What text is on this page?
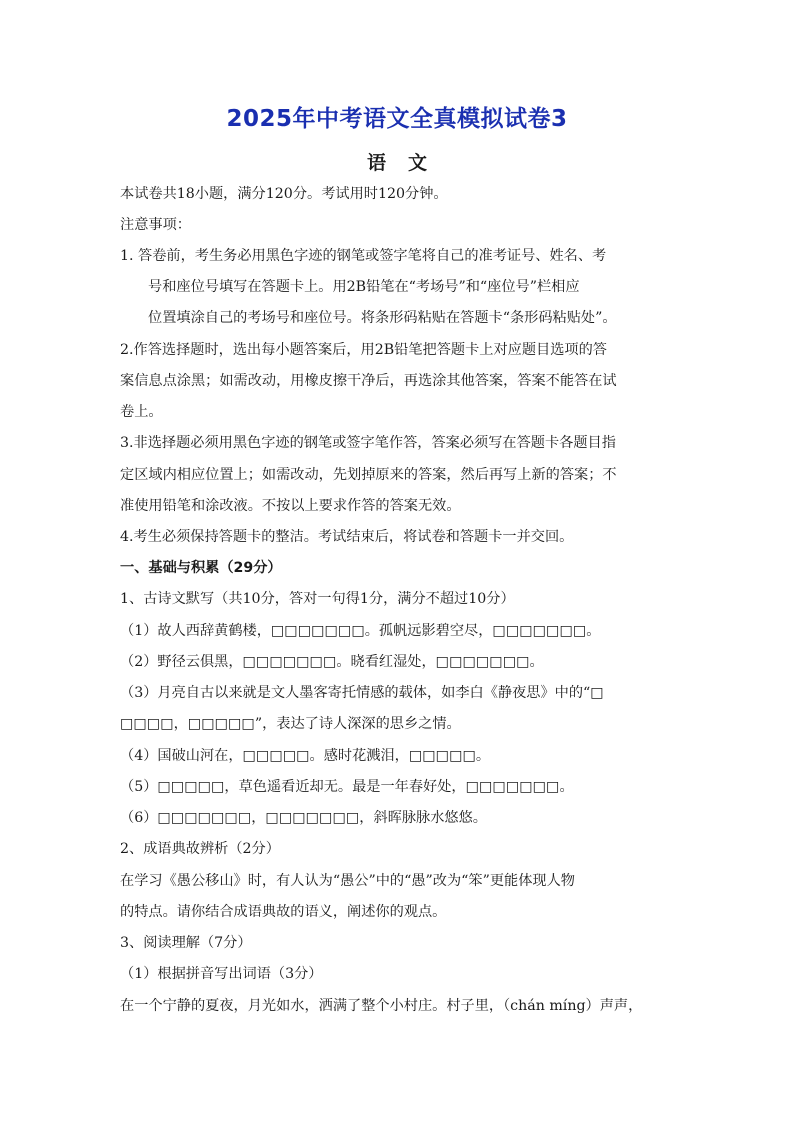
2025年中考语文全真模拟试卷3
语文
本试卷共18小题，满分120分。考试用时120分钟。
注意事项：
1. 答卷前，考生务必用黑色字迹的钢笔或签字笔将自己的准考证号、姓名、考
号和座位号填写在答题卡上。用2B铅笔在“考场号”和“座位号”栏相应
位置填涂自己的考场号和座位号。将条形码粘贴在答题卡“条形码粘贴处”。
2.作答选择题时，选出每小题答案后，用2B铅笔把答题卡上对应题目选项的答
案信息点涂黑；如需改动，用橡皮擦干净后，再选涂其他答案，答案不能答在试
卷上。
3.非选择题必须用黑色字迹的钢笔或签字笔作答，答案必须写在答题卡各题目指
定区域内相应位置上；如需改动，先划掉原来的答案，然后再写上新的答案；不
准使用铅笔和涂改液。不按以上要求作答的答案无效。
4.考生必须保持答题卡的整洁。考试结束后，将试卷和答题卡一并交回。
一、基础与积累（29分）
1、古诗文默写（共10分，答对一句得1分，满分不超过10分）
（1）故人西辞黄鹤楼，□□□□□□□。孤帆远影碧空尽，□□□□□□□。
（2）野径云俱黑，□□□□□□□。晓看红湿处，□□□□□□□。
（3）月亮自古以来就是文人墨客寄托情感的载体，如李白《静夜思》中的“□
□□□□，□□□□□”，表达了诗人深深的思乡之情。
（4）国破山河在，□□□□□。感时花溅泪，□□□□□。
（5）□□□□□，草色遥看近却无。最是一年春好处，□□□□□□□。
（6）□□□□□□□，□□□□□□□，斜晖脉脉水悠悠。
2、成语典故辨析（2分）
在学习《愚公移山》时，有人认为“愚公”中的“愚”改为“笨”更能体现人物
的特点。请你结合成语典故的语义，阐述你的观点。
3、阅读理解（7分）
（1）根据拼音写出词语（3分）
在一个宁静的夏夜，月光如水，洒满了整个小村庄。村子里，（chán míng）声声，
